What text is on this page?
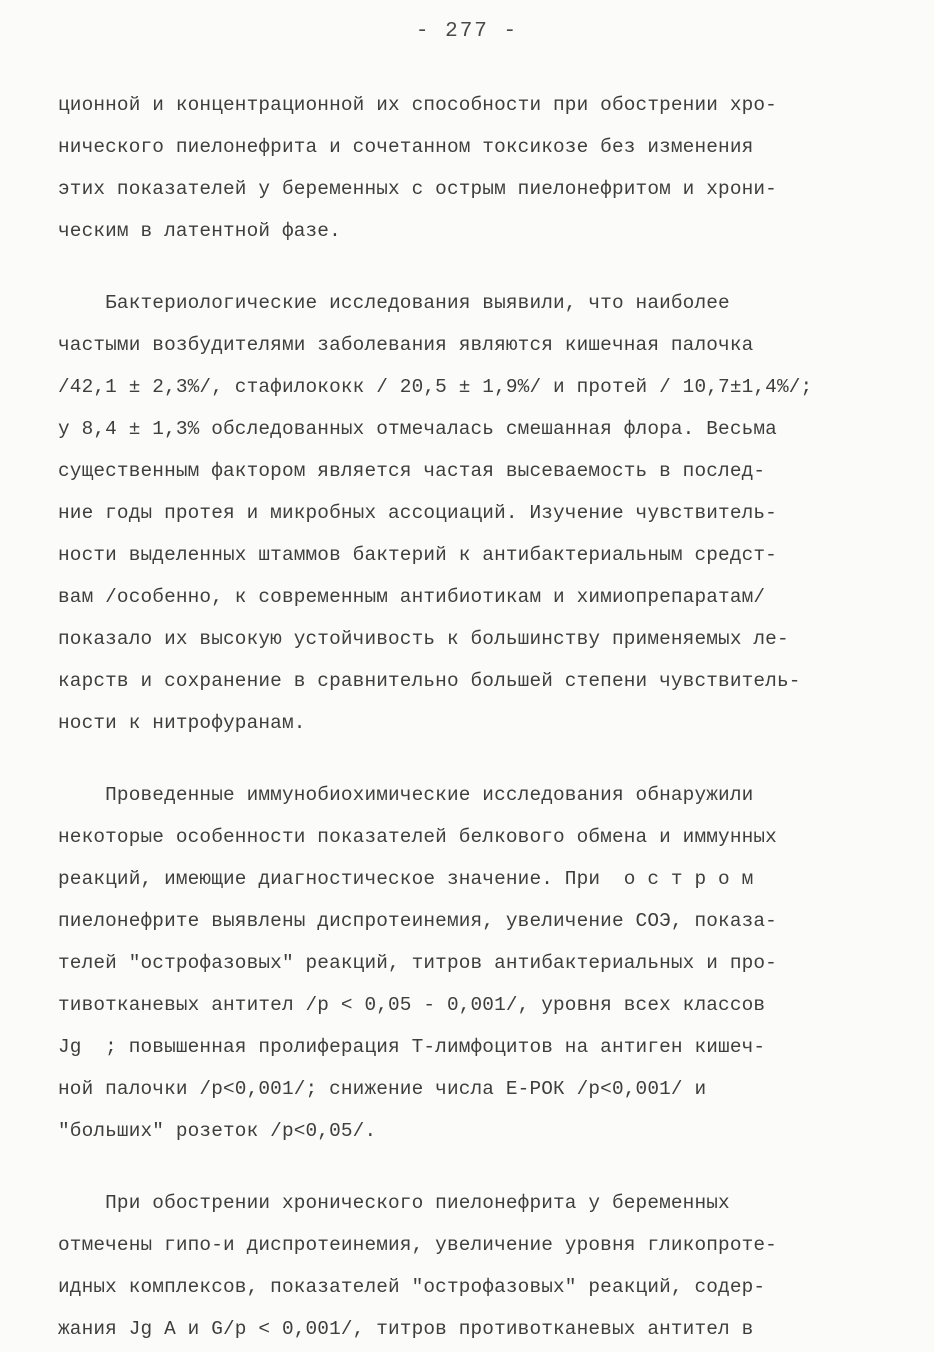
- 277 -
ционной и концентрационной их способности при обострении хро-
нического пиелонефрита и сочетанном токсикозе без изменения
этих показателей у беременных с острым пиелонефритом и хрони-
ческим в латентной фазе.
Бактериологические исследования выявили, что наиболее
частыми возбудителями заболевания являются кишечная палочка
/42,1 ± 2,3%/, стафилококк / 20,5 ± 1,9%/ и протей / 10,7±1,4%/;
у 8,4 ± 1,3% обследованных отмечалась смешанная флора. Весьма
существенным фактором является частая высеваемость в послед-
ние годы протея и микробных ассоциаций. Изучение чувствитель-
ности выделенных штаммов бактерий к антибактериальным средст-
вам /особенно, к современным антибиотикам и химиопрепаратам/
показало их высокую устойчивость к большинству применяемых ле-
карств и сохранение в сравнительно большей степени чувствитель-
ности к нитрофуранам.
Проведенные иммунобиохимические исследования обнаружили
некоторые особенности показателей белкового обмена и иммунных
реакций, имеющие диагностическое значение. При  о с т р о м
пиелонефрите выявлены диспротеинемия, увеличение СОЭ, показа-
телей "острофазовых" реакций, титров антибактериальных и про-
тивотканевых антител /p < 0,05 - 0,001/, уровня всех классов
Jg  ; повышенная пролиферация Т-лимфоцитов на антиген кишеч-
ной палочки /p<0,001/; снижение числа Е-РОК /p<0,001/ и
"больших" розеток /p<0,05/.
При обострении хронического пиелонефрита у беременных
отмечены гипо-и диспротеинемия, увеличение уровня гликопроте-
идных комплексов, показателей "острофазовых" реакций, содер-
жания Jg A и G/p < 0,001/, титров противотканевых антител в
